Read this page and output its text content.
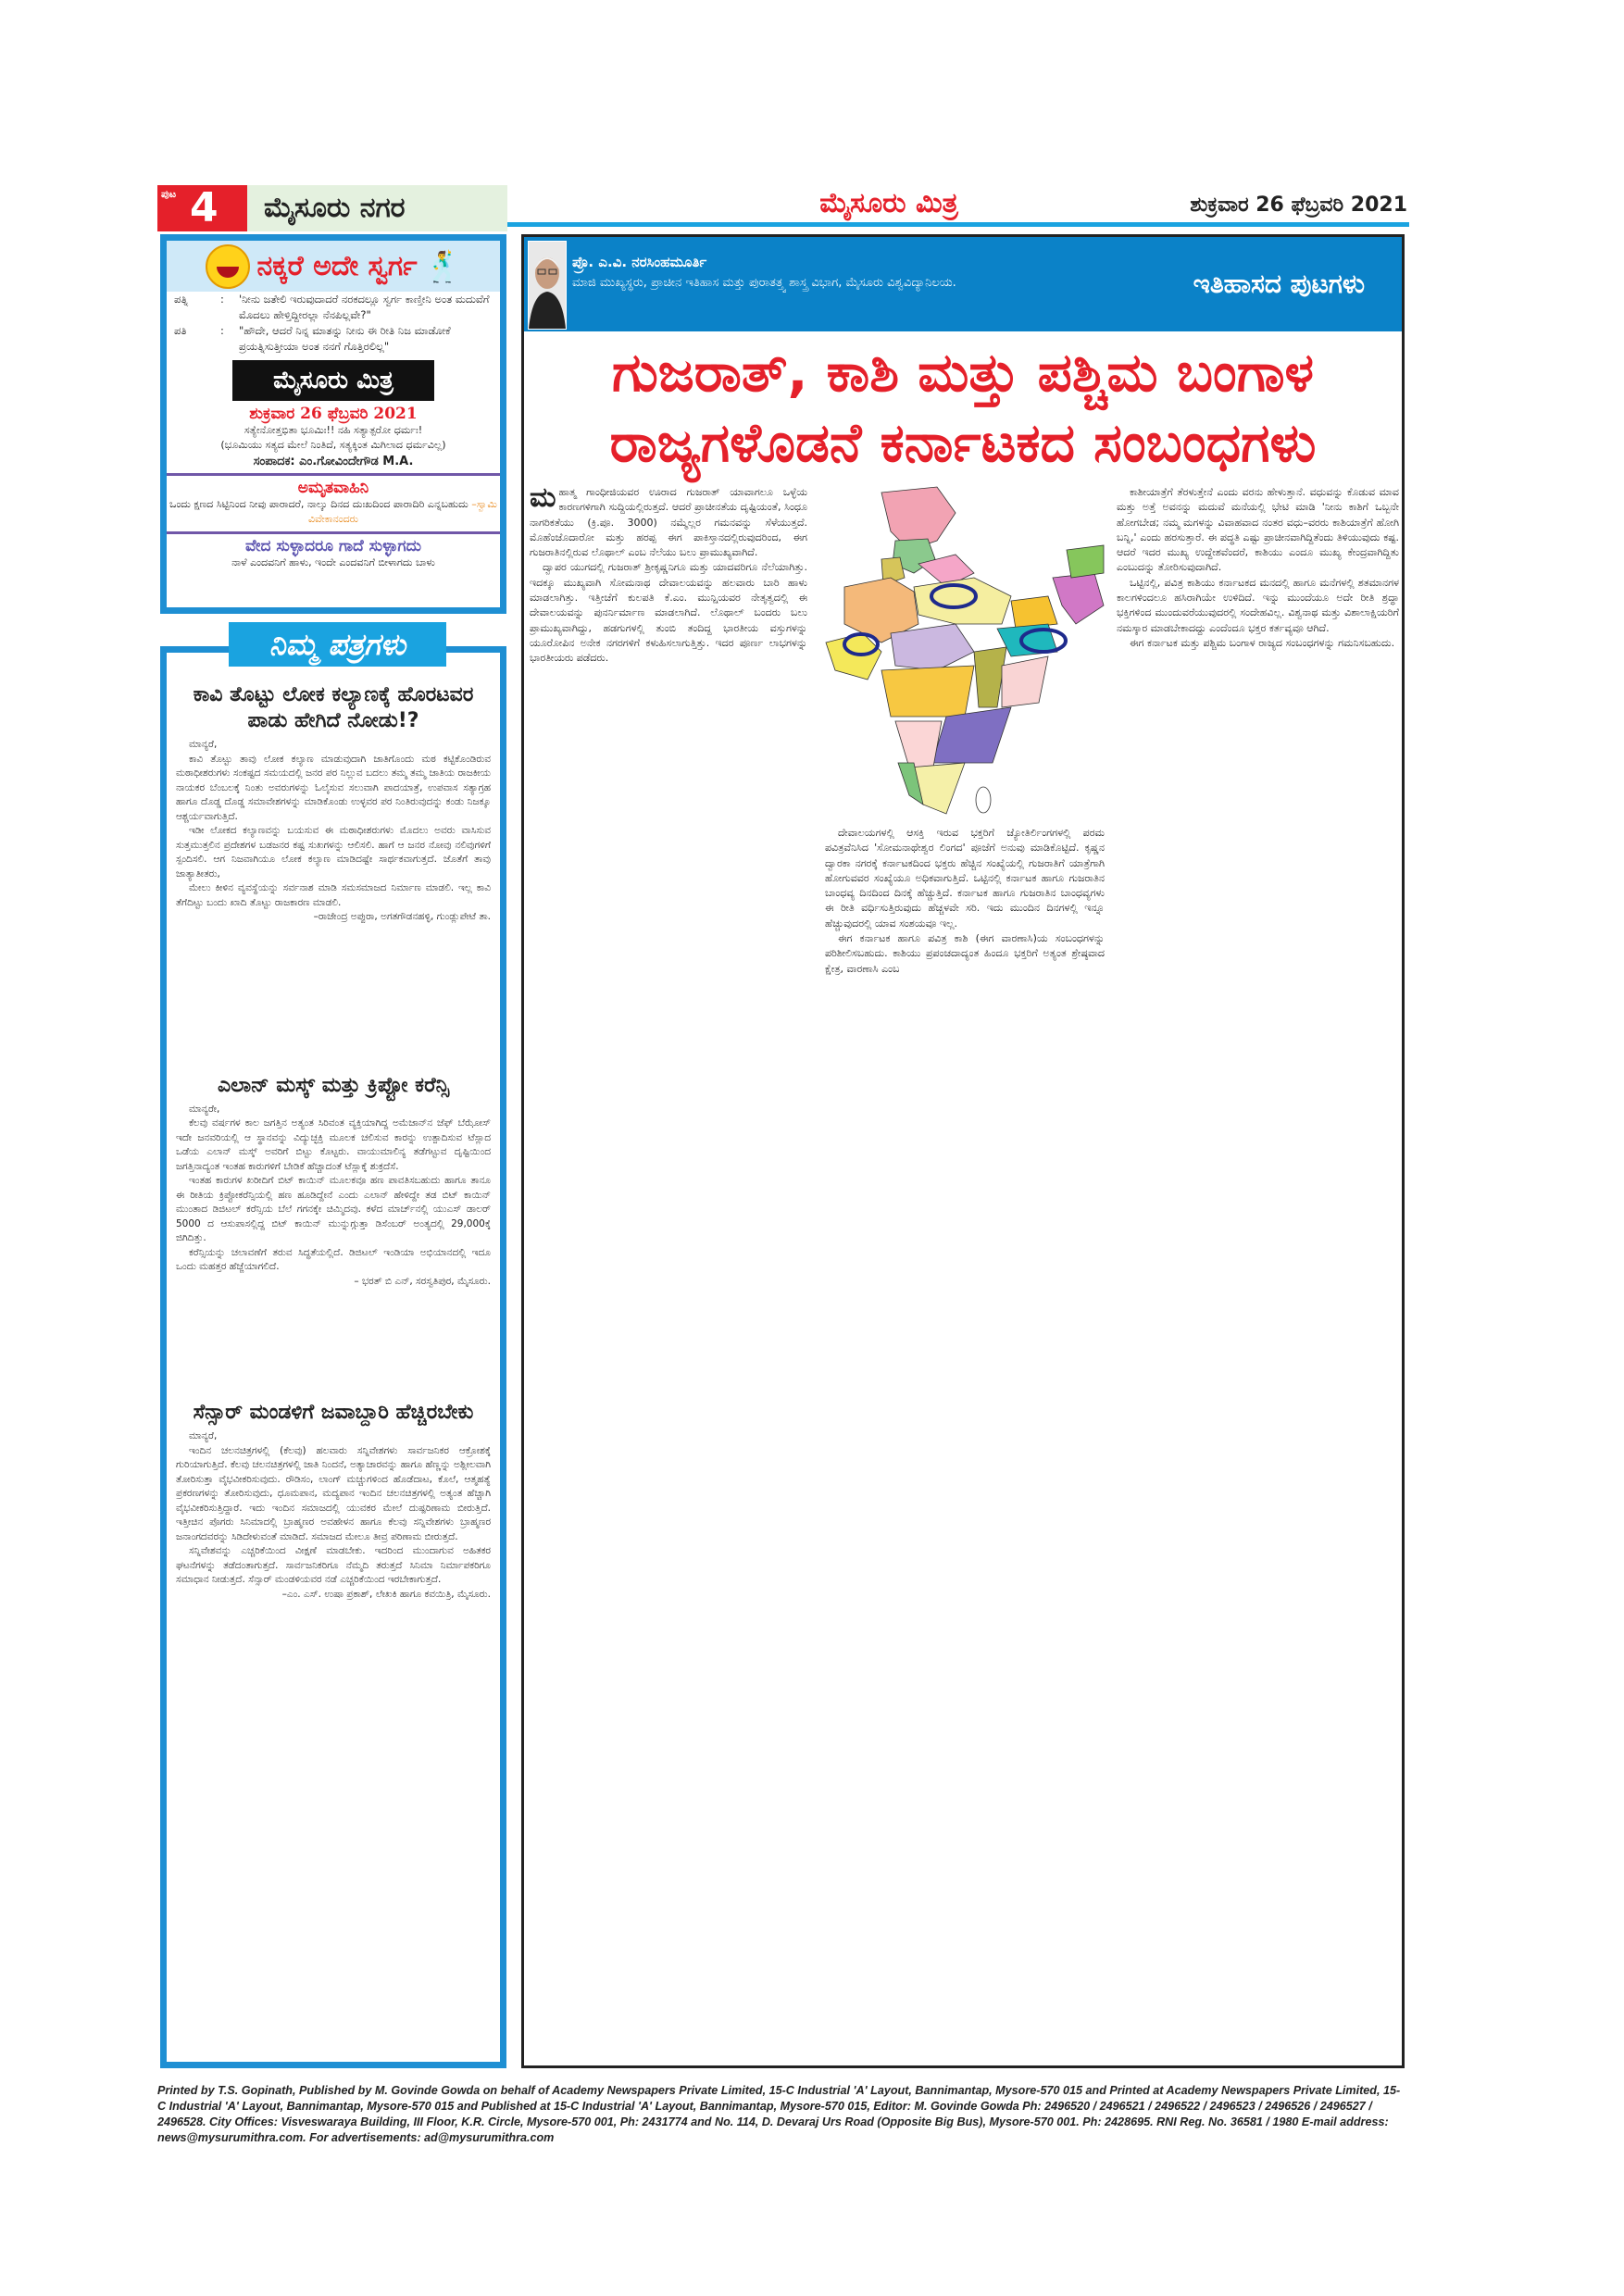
ಪುಟ 4	ಮೈಸೂರು ನಗರ	ಮೈಸೂರು ಮಿತ್ರ	ಶುಕ್ರವಾರ 26 ಫೆಬ್ರವರಿ 2021
ನಕ್ಕರೆ ಅದೇ ಸ್ವರ್ಗ 🕺
ಪತ್ನಿ	:	'ನೀನು ಜತೇಲಿ ಇರುವುದಾದರೆ ನರಕದಲ್ಲೂ ಸ್ವರ್ಗ ಕಾಣ್ತೀನಿ ಅಂತ ಮದುವೆಗೆ ಮೊದಲು ಹೇಳ್ತಿದ್ದೀರಲ್ಲಾ ನೆನಪಿಲ್ಲವೇ?"
ಪತಿ	:	"ಹೌದೇ, ಆದರೆ ನಿನ್ನ ಮಾತನ್ನು ನೀನು ಈ ರೀತಿ ನಿಜ ಮಾಡೋಕೆ ಪ್ರಯತ್ನಿಸುತ್ತೀಯಾ ಅಂತ ನನಗೆ ಗೊತ್ತಿರಲಿಲ್ಲ"
ಮೈಸೂರು ಮಿತ್ರ
ಶುಕ್ರವಾರ 26 ಫೆಬ್ರವರಿ 2021
ಸತ್ಯೇನೋತ್ತಭಿತಾ ಭೂಮಿಃ!! ನಹಿ ಸತ್ಯಾತ್ಪರೋ ಧರ್ಮಃ!
(ಭೂಮಿಯು ಸತ್ಯದ ಮೇಲೆ ನಿಂತಿದೆ, ಸತ್ಯಕ್ಕಿಂತ ಮಿಗಿಲಾದ ಧರ್ಮವಿಲ್ಲ)
ಸಂಪಾದಕ: ಎಂ.ಗೋವಿಂದೇಗೌಡ M.A.
ಅಮೃತವಾಹಿನಿ
ಒಂದು ಕ್ಷಣದ ಸಿಟ್ಟಿನಿಂದ ನೀವು ಪಾರಾದರೆ, ನಾಲ್ಕು ದಿನದ ದುಃಖದಿಂದ ಪಾರಾದಿರಿ ಎನ್ನಬಹುದು –ಸ್ವಾಮಿ ವಿವೇಕಾನಂದರು
ವೇದ ಸುಳ್ಳಾದರೂ ಗಾದೆ ಸುಳ್ಳಾಗದು
ನಾಳೆ ಎಂದವನಿಗೆ ಹಾಳು, ಇಂದೇ ಎಂದವನಿಗೆ ಬೀಳಾಗದು ಬಾಳು
ನಿಮ್ಮ ಪತ್ರಗಳು
ಕಾವಿ ತೊಟ್ಟು ಲೋಕ ಕಲ್ಯಾಣಕ್ಕೆ ಹೊರಟವರ ಪಾಡು ಹೇಗಿದೆ ನೋಡು!?
ಮಾನ್ಯರೆ,

ಕಾವಿ ತೊಟ್ಟು ತಾವು ಲೋಕ ಕಲ್ಯಾಣ ಮಾಡುವುದಾಗಿ ಜಾತಿಗೊಂದು ಮಠ ಕಟ್ಟಿಕೊಂಡಿರುವ ಮಠಾಧೀಶರುಗಳು ಸಂಕಷ್ಟದ ಸಮಯದಲ್ಲಿ ಜನರ ಪರ ನಿಲ್ಲುವ ಬದಲು ತಮ್ಮ ತಮ್ಮ ಜಾತಿಯ ರಾಜಕೀಯ ನಾಯಕರ ಬೆಂಬಲಕ್ಕೆ ನಿಂತು ಅವರುಗಳನ್ನು ಓಲೈಸುವ ಸಲುವಾಗಿ ಪಾದಯಾತ್ರೆ, ಉಪವಾಸ ಸತ್ಯಾಗ್ರಹ ಹಾಗೂ ದೊಡ್ಡ ದೊಡ್ಡ ಸಮಾವೇಶಗಳನ್ನು ಮಾಡಿಕೊಂಡು ಉಳ್ಳವರ ಪರ ನಿಂತಿರುವುದನ್ನು ಕಂಡು ನಿಜಕ್ಕೂ ಆಶ್ಚರ್ಯವಾಗುತ್ತಿದೆ.

ಇಡೀ ಲೋಕದ ಕಲ್ಯಾಣವನ್ನು ಬಯಸುವ ಈ ಮಠಾಧೀಶರುಗಳು ಮೊದಲು ಅವರು ವಾಸಿಸುವ ಸುತ್ತಮುತ್ತಲಿನ ಪ್ರದೇಶಗಳ ಬಡಜನರ ಕಷ್ಟ ಸುಖಗಳನ್ನು ಆಲಿಸಲಿ. ಹಾಗೆ ಆ ಜನರ ನೋವು ನಲಿವುಗಳಿಗೆ ಸ್ಪಂದಿಸಲಿ. ಆಗ ನಿಜವಾಗಿಯೂ ಲೋಕ ಕಲ್ಯಾಣ ಮಾಡಿದಷ್ಟೇ ಸಾರ್ಥಕವಾಗುತ್ತದೆ. ಜೊತೆಗೆ ತಾವು ಜಾತ್ಯಾತೀತರು,

ಮೇಲು ಕೀಳಿನ ವ್ಯವಸ್ಥೆಯನ್ನು ಸರ್ವನಾಶ ಮಾಡಿ ಸಮಸಮಾಜದ ನಿರ್ಮಾಣ ಮಾಡಲಿ. ಇಲ್ಲ ಕಾವಿ ತೆಗೆದಿಟ್ಟು ಬಂದು ಖಾದಿ ತೊಟ್ಟು ರಾಜಕಾರಣ ಮಾಡಲಿ.

–ರಾಜೇಂದ್ರ ಅಪ್ಪುರಾ, ಅಗತಗೌಡನಹಳ್ಳಿ, ಗುಂಡ್ಲುಪೇಟೆ ತಾ.
ಎಲಾನ್ ಮಸ್ಕ್ ಮತ್ತು ಕ್ರಿಪ್ಟೋ ಕರೆನ್ಸಿ
ಮಾನ್ಯರೇ,

ಕೆಲವು ವರ್ಷಗಳ ಕಾಲ ಜಗತ್ತಿನ ಅತ್ಯಂತ ಸಿರಿವಂತ ವ್ಯಕ್ತಿಯಾಗಿದ್ದ ಅಮೆಜಾನ್‌ನ ಜೆಫ್ ಬೆಝೋಸ್ ಇದೇ ಜನವರಿಯಲ್ಲಿ ಆ ಸ್ಥಾನವನ್ನು ವಿದ್ಯುಚ್ಛಕ್ತಿ ಮೂಲಕ ಚಲಿಸುವ ಕಾರನ್ನು ಉತ್ಪಾದಿಸುವ ಟೆಸ್ಲಾದ ಒಡೆಯ ಎಲಾನ್ ಮಸ್ಕ್ ಅವರಿಗೆ ಬಿಟ್ಟು ಕೊಟ್ಟರು. ವಾಯುಮಾಲಿನ್ಯ ತಡೆಗಟ್ಟುವ ದೃಷ್ಟಿಯಿಂದ ಜಗತ್ತಿನಾದ್ಯಂತ ಇಂತಹ ಕಾರುಗಳಿಗೆ ಬೇಡಿಕೆ ಹೆಚ್ಚಾದಂತೆ ಟೆಸ್ಲಾಕ್ಕೆ ಶುಕ್ರದೆಸೆ.

ಇಂತಹ ಕಾರುಗಳ ಖರೀದಿಗೆ ಬಿಟ್ ಕಾಯಿನ್ ಮೂಲಕವೂ ಹಣ ಪಾವತಿಸಬಹುದು ಹಾಗೂ ತಾನೂ ಈ ರೀತಿಯ ಕ್ರಿಪ್ಟೋಕರೆನ್ಸಿಯಲ್ಲಿ ಹಣ ಹೂಡಿದ್ದೇನೆ ಎಂದು ಎಲಾನ್ ಹೇಳಿದ್ದೇ ತಡ ಬಿಟ್ ಕಾಯಿನ್ ಮುಂತಾದ ಡಿಜಿಟಲ್ ಕರೆನ್ಸಿಯ ಬೆಲೆ ಗಗನಕ್ಕೇ ಚಿಮ್ಮಿದವು. ಕಳೆದ ಮಾರ್ಚ್‌ನಲ್ಲಿ ಯುಎಸ್ ಡಾಲರ್ 5000 ದ ಆಸುಪಾಸಲ್ಲಿದ್ದ ಬಿಟ್ ಕಾಯಿನ್ ಮುನ್ನುಗ್ಗುತ್ತಾ ಡಿಸೆಂಬರ್ ಅಂತ್ಯದಲ್ಲಿ 29,000ಕ್ಕೆ ಜಿಗಿದಿತ್ತು.

ಕರೆನ್ಸಿಯನ್ನು ಚಲಾವಣೆಗೆ ತರುವ ಸಿದ್ಧತೆಯಲ್ಲಿದೆ. ಡಿಜಿಟಲ್ ಇಂಡಿಯಾ ಅಭಿಯಾನದಲ್ಲಿ ಇದೂ ಒಂದು ಮಹತ್ತರ ಹೆಜ್ಜೆಯಾಗಲಿದೆ.

– ಭರತ್ ಬಿ ಎನ್, ಸರಸ್ವತಿಪುರ, ಮೈಸೂರು.
ಸೆನ್ಸಾರ್ ಮಂಡಳಿಗೆ ಜವಾಬ್ದಾರಿ ಹೆಚ್ಚಿರಬೇಕು
ಮಾನ್ಯರೆ,

ಇಂದಿನ ಚಲನಚಿತ್ರಗಳಲ್ಲಿ (ಕೆಲವು) ಹಲವಾರು ಸನ್ನಿವೇಶಗಳು ಸಾರ್ವಜನಿಕರ ಆಕ್ರೋಶಕ್ಕೆ ಗುರಿಯಾಗುತ್ತಿದೆ. ಕೆಲವು ಚಲನಚಿತ್ರಗಳಲ್ಲಿ ಜಾತಿ ನಿಂದನೆ, ಅತ್ಯಾಚಾರವನ್ನು ಹಾಗೂ ಹೆಣ್ಣನ್ನು ಅಶ್ಲೀಲವಾಗಿ ತೋರಿಸುತ್ತಾ ವೈಭವೀಕರಿಸುವುದು. ರೌಡಿಸಂ, ಲಾಂಗ್ ಮಚ್ಚುಗಳಿಂದ ಹೊಡೆದಾಟ, ಕೊಲೆ, ಆತ್ಮಹತ್ಯೆ ಪ್ರಕರಣಗಳನ್ನು ತೋರಿಸುವುದು, ಧೂಮಪಾನ, ಮದ್ಯಪಾನ ಇಂದಿನ ಚಲನಚಿತ್ರಗಳಲ್ಲಿ ಅತ್ಯಂತ ಹೆಚ್ಚಾಗಿ ವೈಭವೀಕರಿಸುತ್ತಿದ್ದಾರೆ. ಇದು ಇಂದಿನ ಸಮಾಜದಲ್ಲಿ ಯುವಕರ ಮೇಲೆ ದುಷ್ಪರಿಣಾಮ ಬೀರುತ್ತಿದೆ. ಇತ್ತೀಚಿನ ಪೊಗರು ಸಿನಿಮಾದಲ್ಲಿ ಬ್ರಾಹ್ಮಣರ ಅವಹೇಳನ ಹಾಗೂ ಕೆಲವು ಸನ್ನಿವೇಶಗಳು ಬ್ರಾಹ್ಮಣರ ಜನಾಂಗದವರನ್ನು ಸಿಡಿದೇಳುವಂತೆ ಮಾಡಿದೆ. ಸಮಾಜದ ಮೇಲೂ ತೀವ್ರ ಪರಿಣಾಮ ಬೀರುತ್ತದೆ.

ಸನ್ನಿವೇಶವನ್ನು ಎಚ್ಚರಿಕೆಯಿಂದ ವೀಕ್ಷಣೆ ಮಾಡಬೇಕು. ಇದರಿಂದ ಮುಂದಾಗುವ ಅಹಿತಕರ ಘಟನೆಗಳನ್ನು ತಡೆದಂತಾಗುತ್ತದೆ. ಸಾರ್ವಜನಿಕರಿಗೂ ನೆಮ್ಮದಿ ತರುತ್ತದೆ ಸಿನಿಮಾ ನಿರ್ಮಾಪಕರಿಗೂ ಸಮಾಧಾನ ನೀಡುತ್ತದೆ. ಸೆನ್ಸಾರ್ ಮಂಡಳಿಯವರ ನಡೆ ಎಚ್ಚರಿಕೆಯಿಂದ ಇರಬೇಕಾಗುತ್ತದೆ.

–ಎಂ. ಎಸ್. ಉಷಾ ಪ್ರಕಾಶ್, ಲೇಖಕಿ ಹಾಗೂ ಕವಯಿತ್ರಿ, ಮೈಸೂರು.
ಪ್ರೊ. ಎ.ವಿ. ನರಸಿಂಹಮೂರ್ತಿ
ಮಾಜಿ ಮುಖ್ಯಸ್ಥರು, ಪ್ರಾಚೀನ ಇತಿಹಾಸ ಮತ್ತು ಪುರಾತತ್ತ್ವ ಶಾಸ್ತ್ರ ವಿಭಾಗ, ಮೈಸೂರು ವಿಶ್ವವಿದ್ಯಾನಿಲಯ.	ಇತಿಹಾಸದ ಪುಟಗಳು
ಗುಜರಾತ್, ಕಾಶಿ ಮತ್ತು ಪಶ್ಚಿಮ ಬಂಗಾಳ
ರಾಜ್ಯಗಳೊಡನೆ ಕರ್ನಾಟಕದ ಸಂಬಂಧಗಳು

ಮಹಾತ್ಮ ಗಾಂಧೀಜಿಯವರ ಊರಾದ ಗುಜರಾತ್ ಯಾವಾಗಲೂ ಒಳ್ಳೆಯ ಕಾರಣಗಳಿಗಾಗಿ ಸುದ್ದಿಯಲ್ಲಿರುತ್ತದೆ. ಆದರೆ ಪ್ರಾಚೀನತೆಯ ದೃಷ್ಟಿಯಂತೆ, ಸಿಂಧೂ ನಾಗರಿಕತೆಯು (ಕ್ರಿ.ಪೂ. 3000) ನಮ್ಮೆಲ್ಲರ ಗಮನವನ್ನು ಸೆಳೆಯುತ್ತದೆ. ಮೊಹೆಂಜೊದಾರೋ ಮತ್ತು ಹರಪ್ಪ ಈಗ ಪಾಕಿಸ್ತಾನದಲ್ಲಿರುವುದರಿಂದ, ಈಗ ಗುಜರಾತಿನಲ್ಲಿರುವ ಲೊಥಾಲ್ ಎಂಬ ನೆಲೆಯು ಬಲು ಪ್ರಾಮುಖ್ಯವಾಗಿದೆ.

ದ್ವಾಪರ ಯುಗದಲ್ಲಿ ಗುಜರಾತ್ ಶ್ರೀಕೃಷ್ಣನಿಗೂ ಮತ್ತು ಯಾದವರಿಗೂ ನೆಲೆಯಾಗಿತ್ತು. ಇದಕ್ಕೂ ಮುಖ್ಯವಾಗಿ ಸೋಮನಾಥ ದೇವಾಲಯವನ್ನು ಹಲವಾರು ಬಾರಿ ಹಾಳು ಮಾಡಲಾಗಿತ್ತು. ಇತ್ತೀಚೆಗೆ ಕುಲಪತಿ ಕೆ.ಎಂ. ಮುನ್ಷಿಯವರ ನೇತೃತ್ವದಲ್ಲಿ ಈ ದೇವಾಲಯವನ್ನು ಪುನರ್ನಿರ್ಮಾಣ ಮಾಡಲಾಗಿದೆ. ಲೊಥಾಲ್ ಬಂದರು ಬಲು ಪ್ರಾಮುಖ್ಯವಾಗಿದ್ದು, ಹಡಗುಗಳಲ್ಲಿ ತುಂಬಿ ತಂದಿದ್ದ ಭಾರತೀಯ ವಸ್ತುಗಳನ್ನು ಯೂರೋಪಿನ ಅನೇಕ ನಗರಗಳಿಗೆ ಕಳುಹಿಸಲಾಗುತ್ತಿತ್ತು. ಇದರ ಪೂರ್ಣ ಲಾಭಗಳನ್ನು ಭಾರತೀಯರು ಪಡೆದರು.

ದೇವಾಲಯಗಳಲ್ಲಿ ಆಸಕ್ತಿ ಇರುವ ಭಕ್ತರಿಗೆ ಜ್ಯೋತಿರ್ಲಿಂಗಗಳಲ್ಲಿ ಪರಮ ಪವಿತ್ರವೆನಿಸಿದ 'ಸೋಮನಾಥೇಶ್ವರ ಲಿಂಗದ' ಪೂಜೆಗೆ ಅನುವು ಮಾಡಿಕೊಟ್ಟಿದೆ. ಕೃಷ್ಣನ ದ್ವಾರಕಾ ನಗರಕ್ಕೆ ಕರ್ನಾಟಕದಿಂದ ಭಕ್ತರು ಹೆಚ್ಚಿನ ಸಂಖ್ಯೆಯಲ್ಲಿ ಗುಜರಾತಿಗೆ ಯಾತ್ರೆಗಾಗಿ ಹೋಗುವವರ ಸಂಖ್ಯೆಯೂ ಅಧಿಕವಾಗುತ್ತಿದೆ. ಒಟ್ಟಿನಲ್ಲಿ ಕರ್ನಾಟಕ ಹಾಗೂ ಗುಜರಾತಿನ ಬಾಂಧವ್ಯ ದಿನದಿಂದ ದಿನಕ್ಕೆ ಹೆಚ್ಚುತ್ತಿದೆ. ಕರ್ನಾಟಕ ಹಾಗೂ ಗುಜರಾತಿನ ಬಾಂಧವ್ಯಗಳು ಈ ರೀತಿ ವರ್ಧಿಸುತ್ತಿರುವುದು ಹೆಚ್ಚಳವೇ ಸರಿ. ಇದು ಮುಂದಿನ ದಿನಗಳಲ್ಲಿ ಇನ್ನೂ ಹೆಚ್ಚುವುದರಲ್ಲಿ ಯಾವ ಸಂಶಯವೂ ಇಲ್ಲ.

ಈಗ ಕರ್ನಾಟಕ ಹಾಗೂ ಪವಿತ್ರ ಕಾಶಿ (ಈಗ ವಾರಣಾಸಿ)ಯ ಸಂಬಂಧಗಳನ್ನು ಪರಿಶೀಲಿಸಬಹುದು. ಕಾಶಿಯು ಪ್ರಪಂಚದಾದ್ಯಂತ ಹಿಂದೂ ಭಕ್ತರಿಗೆ ಅತ್ಯಂತ ಶ್ರೇಷ್ಠವಾದ ಕ್ಷೇತ್ರ, ವಾರಣಾಸಿ ಎಂಬ

ಕಾಶೀಯಾತ್ರೆಗೆ ತೆರಳುತ್ತೇನೆ ಎಂದು ವರನು ಹೇಳುತ್ತಾನೆ. ವಧುವನ್ನು ಕೊಡುವ ಮಾವ ಮತ್ತು ಅತ್ತೆ ಅವನನ್ನು ಮದುವೆ ಮನೆಯಲ್ಲಿ ಭೇಟಿ ಮಾಡಿ 'ನೀನು ಕಾಶಿಗೆ ಒಬ್ಬನೇ ಹೋಗಬೇಡ; ನಮ್ಮ ಮಗಳನ್ನು ವಿವಾಹವಾದ ನಂತರ ವಧು–ವರರು ಕಾಶಿಯಾತ್ರೆಗೆ ಹೋಗಿ ಬನ್ನಿ,' ಎಂದು ಹರಸುತ್ತಾರೆ. ಈ ಪದ್ಧತಿ ಎಷ್ಟು ಪ್ರಾಚೀನವಾಗಿದ್ದಿತೆಂದು ತಿಳಿಯುವುದು ಕಷ್ಟ. ಆದರೆ ಇದರ ಮುಖ್ಯ ಉದ್ದೇಶವೆಂದರೆ, ಕಾಶಿಯು ಎಂದೂ ಮುಖ್ಯ ಕೇಂದ್ರವಾಗಿದ್ದಿತು ಎಂಬುದನ್ನು ತೋರಿಸುವುದಾಗಿದೆ.

ಒಟ್ಟಿನಲ್ಲಿ, ಪವಿತ್ರ ಕಾಶಿಯು ಕರ್ನಾಟಕದ ಮನದಲ್ಲಿ ಹಾಗೂ ಮನೆಗಳಲ್ಲಿ ಶತಮಾನಗಳ ಕಾಲಗಳಿಂದಲೂ ಹಸಿರಾಗಿಯೇ ಉಳಿದಿದೆ. ಇನ್ನು ಮುಂದೆಯೂ ಅದೇ ರೀತಿ ಶ್ರದ್ಧಾ ಭಕ್ತಿಗಳಿಂದ ಮುಂದುವರೆಯುವುದರಲ್ಲಿ ಸಂದೇಹವಿಲ್ಲ. ವಿಶ್ವನಾಥ ಮತ್ತು ವಿಶಾಲಾಕ್ಷಿಯರಿಗೆ ನಮಸ್ಕಾರ ಮಾಡಬೇಕಾದದ್ದು ಎಂದೆಂದೂ ಭಕ್ತರ ಕರ್ತವ್ಯವೂ ಆಗಿದೆ.

ಈಗ ಕರ್ನಾಟಕ ಮತ್ತು ಪಶ್ಚಿಮ ಬಂಗಾಳ ರಾಜ್ಯದ ಸಂಬಂಧಗಳನ್ನು ಗಮನಿಸಬಹುದು.

Printed by T.S. Gopinath, Published by M. Govinde Gowda on behalf of Academy Newspapers Private Limited, 15-C Industrial 'A' Layout, Bannimantap, Mysore-570 015 and Printed at Academy Newspapers Private Limited, 15-C Industrial 'A' Layout, Bannimantap, Mysore-570 015 and Published at 15-C Industrial 'A' Layout, Bannimantap, Mysore-570 015, Editor: M. Govinde Gowda Ph: 2496520 / 2496521 / 2496522 / 2496523 / 2496526 / 2496527 / 2496528. City Offices: Visveswaraya Building, III Floor, K.R. Circle, Mysore-570 001, Ph: 2431774 and No. 114, D. Devaraj Urs Road (Opposite Big Bus), Mysore-570 001. Ph: 2428695. RNI Reg. No. 36581 / 1980 E-mail address: news@mysurumithra.com. For advertisements: ad@mysurumithra.com
